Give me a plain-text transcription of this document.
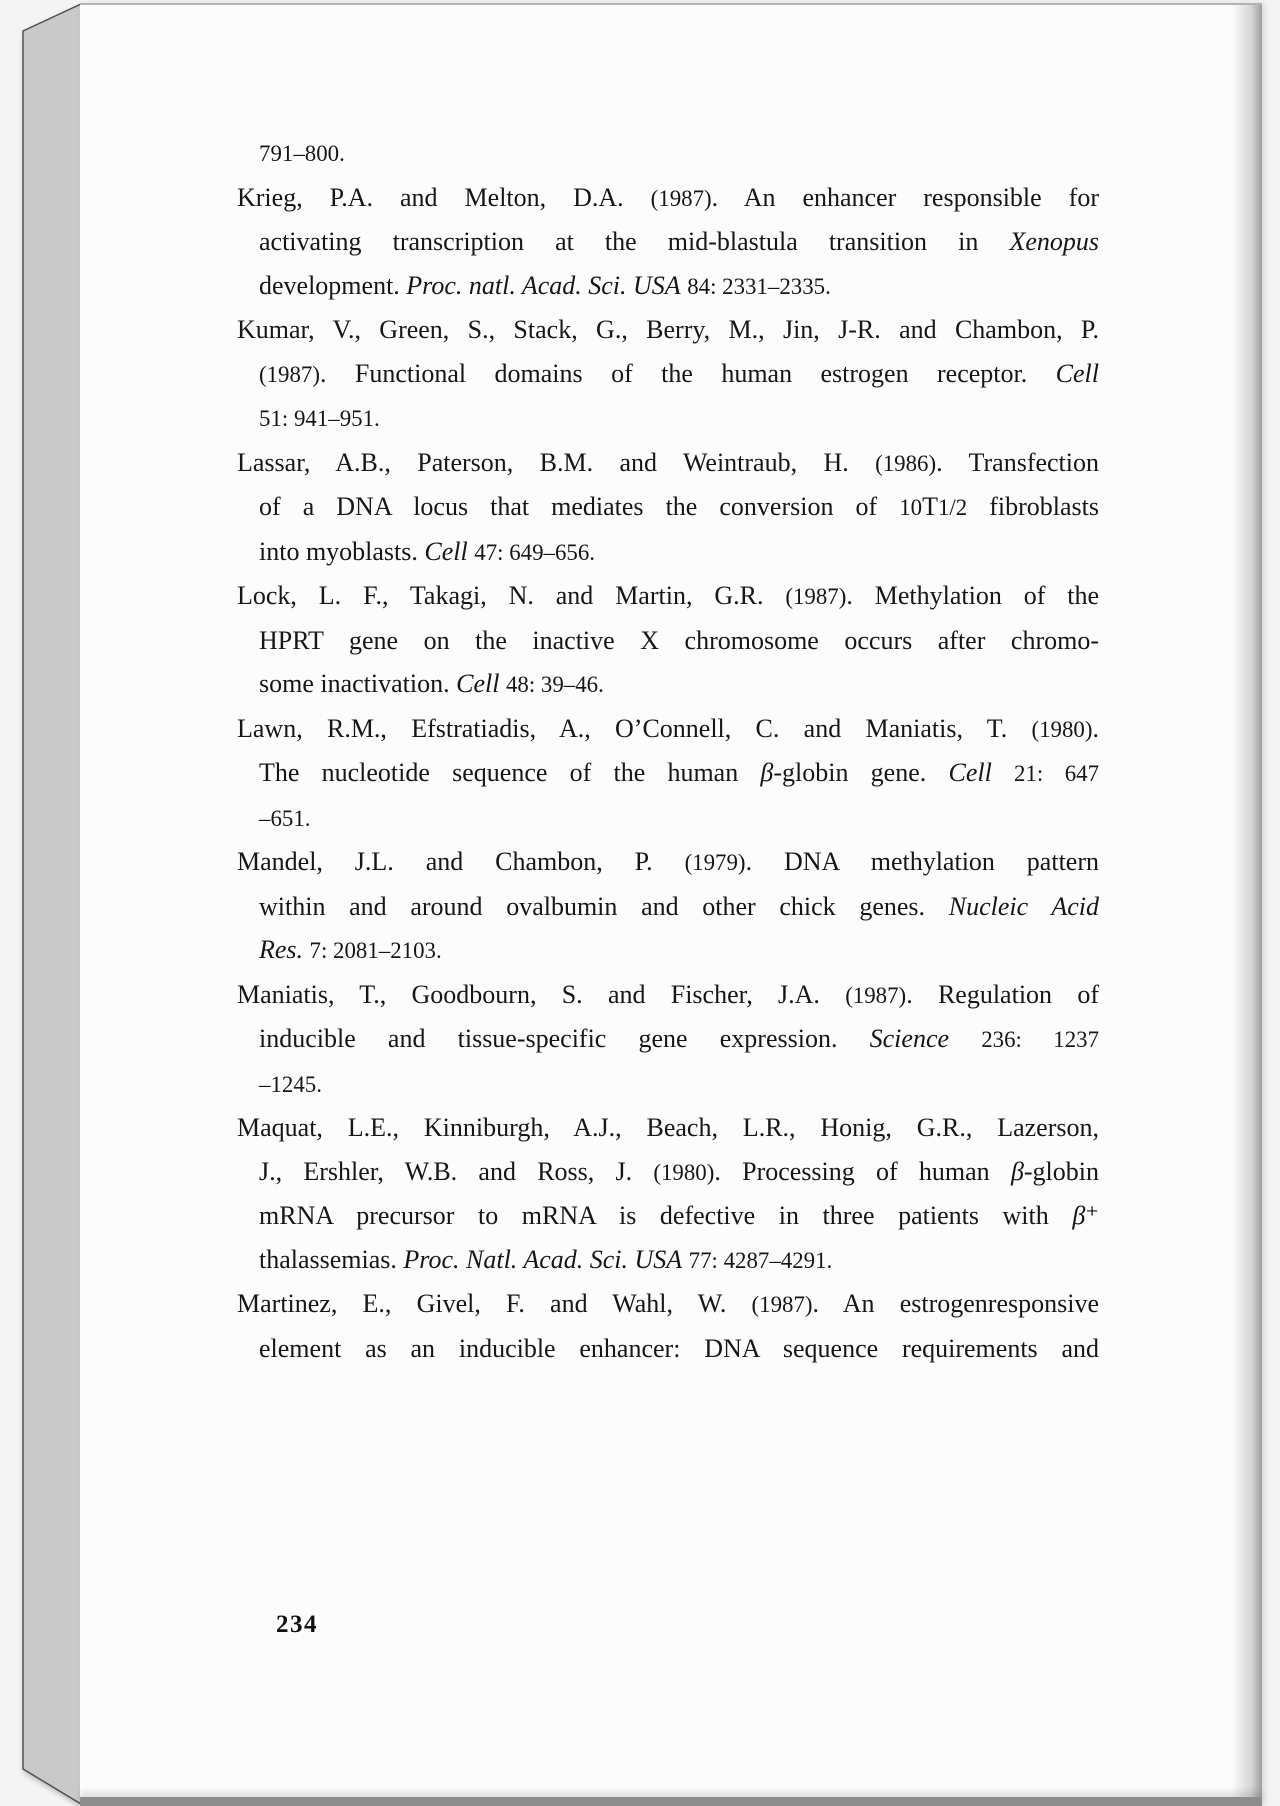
791–800.
Krieg, P.A. and Melton, D.A. (1987). An enhancer responsible for
activating transcription at the mid-blastula transition in Xenopus
development. Proc. natl. Acad. Sci. USA 84: 2331–2335.
Kumar, V., Green, S., Stack, G., Berry, M., Jin, J-R. and Chambon, P.
(1987). Functional domains of the human estrogen receptor. Cell
51: 941–951.
Lassar, A.B., Paterson, B.M. and Weintraub, H. (1986). Transfection
of a DNA locus that mediates the conversion of 10T1/2 fibroblasts
into myoblasts. Cell 47: 649–656.
Lock, L. F., Takagi, N. and Martin, G.R. (1987). Methylation of the
HPRT gene on the inactive X chromosome occurs after chromo-
some inactivation. Cell 48: 39–46.
Lawn, R.M., Efstratiadis, A., O’Connell, C. and Maniatis, T. (1980).
The nucleotide sequence of the human β-globin gene. Cell 21: 647
–651.
Mandel, J.L. and Chambon, P. (1979). DNA methylation pattern
within and around ovalbumin and other chick genes. Nucleic Acid
Res. 7: 2081–2103.
Maniatis, T., Goodbourn, S. and Fischer, J.A. (1987). Regulation of
inducible and tissue-specific gene expression. Science 236: 1237
–1245.
Maquat, L.E., Kinniburgh, A.J., Beach, L.R., Honig, G.R., Lazerson,
J., Ershler, W.B. and Ross, J. (1980). Processing of human β-globin
mRNA precursor to mRNA is defective in three patients with β⁺
thalassemias. Proc. Natl. Acad. Sci. USA 77: 4287–4291.
Martinez, E., Givel, F. and Wahl, W. (1987). An estrogenresponsive
element as an inducible enhancer: DNA sequence requirements and
234
